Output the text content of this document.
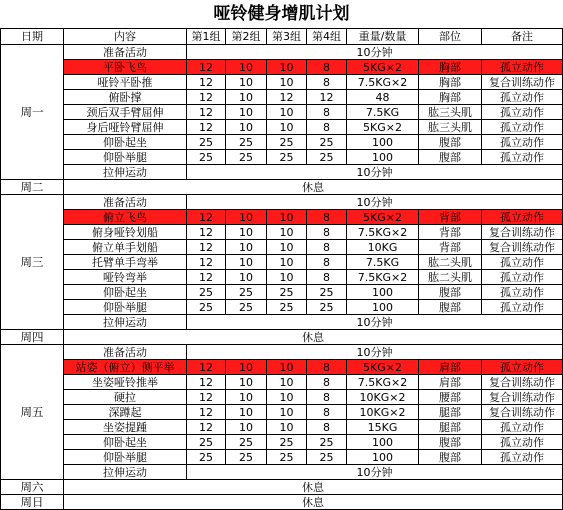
哑铃健身增肌计划
日期	内容	第1组	第2组	第3组	第4组	重量/数量	部位	备注
周一	准备活动	10分钟						
	平卧飞鸟	12	10	10	8	5KG×2	胸部	孤立动作
	哑铃平卧推	12	10	10	8	7.5KG×2	胸部	复合训练动作
	俯卧撑	12	10	12	12	48	胸部	孤立动作
	颈后双手臂屈伸	12	10	10	8	7.5KG	肱三头肌	孤立动作
	身后哑铃臂屈伸	12	10	10	8	5KG×2	肱三头肌	孤立动作
	仰卧起坐	25	25	25	25	100	腹部	孤立动作
	仰卧举腿	25	25	25	25	100	腹部	孤立动作
	拉伸运动	10分钟						
周二	休息							
周三	准备活动	10分钟						
	俯立飞鸟	12	10	10	8	5KG×2	背部	孤立动作
	俯身哑铃划船	12	10	10	8	7.5KG×2	背部	复合训练动作
	俯立单手划船	12	10	10	8	10KG	背部	复合训练动作
	托臂单手弯举	12	10	10	8	7.5KG	肱二头肌	孤立动作
	哑铃弯举	12	10	10	8	7.5KG×2	肱二头肌	孤立动作
	仰卧起坐	25	25	25	25	100	腹部	孤立动作
	仰卧举腿	25	25	25	25	100	腹部	孤立动作
	拉伸运动	10分钟						
周四	休息							
周五	准备活动	10分钟						
	站姿（俯立）侧平举	12	10	10	8	5KG×2	肩部	孤立动作
	坐姿哑铃推举	12	10	10	8	7.5KG×2	肩部	复合训练动作
	硬拉	12	10	10	8	10KG×2	腰部	复合训练动作
	深蹲起	12	10	10	8	10KG×2	腿部	复合训练动作
	坐姿提踵	12	10	10	8	15KG	腿部	孤立动作
	仰卧起坐	25	25	25	25	100	腹部	孤立动作
	仰卧举腿	25	25	25	25	100	腹部	孤立动作
	拉伸运动	10分钟						
周六	休息							
周日	休息							
